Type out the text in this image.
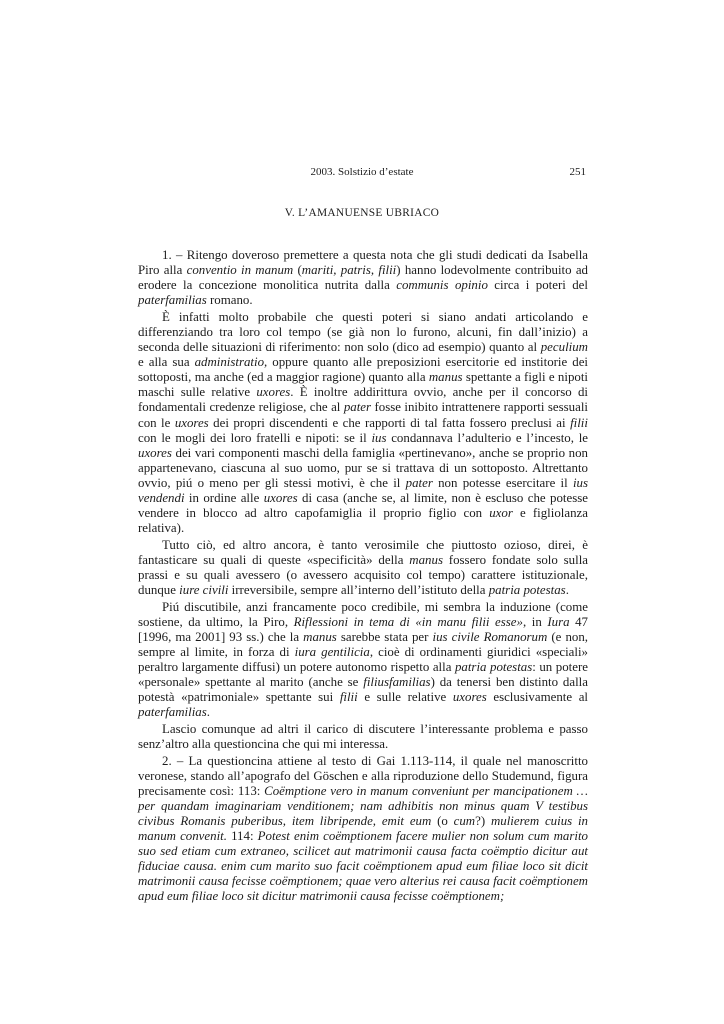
2003. Solstizio d’estate	251
V. L’AMANUENSE UBRIACO

1. – Ritengo doveroso premettere a questa nota che gli studi dedicati da Isabella Piro alla conventio in manum (mariti, patris, filii) hanno lodevolmente contribuito ad erodere la concezione monolitica nutrita dalla communis opinio circa i poteri del paterfamilias romano.

È infatti molto probabile che questi poteri si siano andati articolando e differenziando tra loro col tempo (se già non lo furono, alcuni, fin dall’inizio) a seconda delle situazioni di riferimento: non solo (dico ad esempio) quanto al peculium e alla sua administratio, oppure quanto alle preposizioni esercitorie ed institorie dei sottoposti, ma anche (ed a maggior ragione) quanto alla manus spettante a figli e nipoti maschi sulle relative uxores. È inoltre addirittura ovvio, anche per il concorso di fondamentali credenze religiose, che al pater fosse inibito intrattenere rapporti sessuali con le uxores dei propri discendenti e che rapporti di tal fatta fossero preclusi ai filii con le mogli dei loro fratelli e nipoti: se il ius condannava l’adulterio e l’incesto, le uxores dei vari componenti maschi della famiglia «pertinevano», anche se proprio non appartenevano, ciascuna al suo uomo, pur se si trattava di un sottoposto. Altrettanto ovvio, piú o meno per gli stessi motivi, è che il pater non potesse esercitare il ius vendendi in ordine alle uxores di casa (anche se, al limite, non è escluso che potesse vendere in blocco ad altro capofamiglia il proprio figlio con uxor e figliolanza relativa).

Tutto ciò, ed altro ancora, è tanto verosimile che piuttosto ozioso, direi, è fantasticare su quali di queste «specificità» della manus fossero fondate solo sulla prassi e su quali avessero (o avessero acquisito col tempo) carattere istituzionale, dunque iure civili irreversibile, sempre all’interno dell’istituto della patria potestas.

Piú discutibile, anzi francamente poco credibile, mi sembra la induzione (come sostiene, da ultimo, la Piro, Riflessioni in tema di «in manu filii esse», in Iura 47 [1996, ma 2001] 93 ss.) che la manus sarebbe stata per ius civile Romanorum (e non, sempre al limite, in forza di iura gentilicia, cioè di ordinamenti giuridici «speciali» peraltro largamente diffusi) un potere autonomo rispetto alla patria potestas: un potere «personale» spettante al marito (anche se filiusfamilias) da tenersi ben distinto dalla potestà «patrimoniale» spettante sui filii e sulle relative uxores esclusivamente al paterfamilias.

Lascio comunque ad altri il carico di discutere l’interessante problema e passo senz’altro alla questioncina che qui mi interessa.

2. – La questioncina attiene al testo di Gai 1.113-114, il quale nel manoscritto veronese, stando all’apografo del Göschen e alla riproduzione dello Studemund, figura precisamente così: 113: Coëmptione vero in manum conveniunt per mancipationem … per quandam imaginariam venditionem; nam adhibitis non minus quam V testibus civibus Romanis puberibus, item libripende, emit eum (o cum?) mulierem cuius in manum convenit. 114: Potest enim coëmptionem facere mulier non solum cum marito suo sed etiam cum extraneo, scilicet aut matrimonii causa facta coëmptio dicitur aut fiduciae causa. enim cum marito suo facit coëmptionem apud eum filiae loco sit dicit matrimonii causa fecisse coëmptionem; quae vero alterius rei causa facit coëmptionem apud eum filiae loco sit dicitur matrimonii causa fecisse coëmptionem;
